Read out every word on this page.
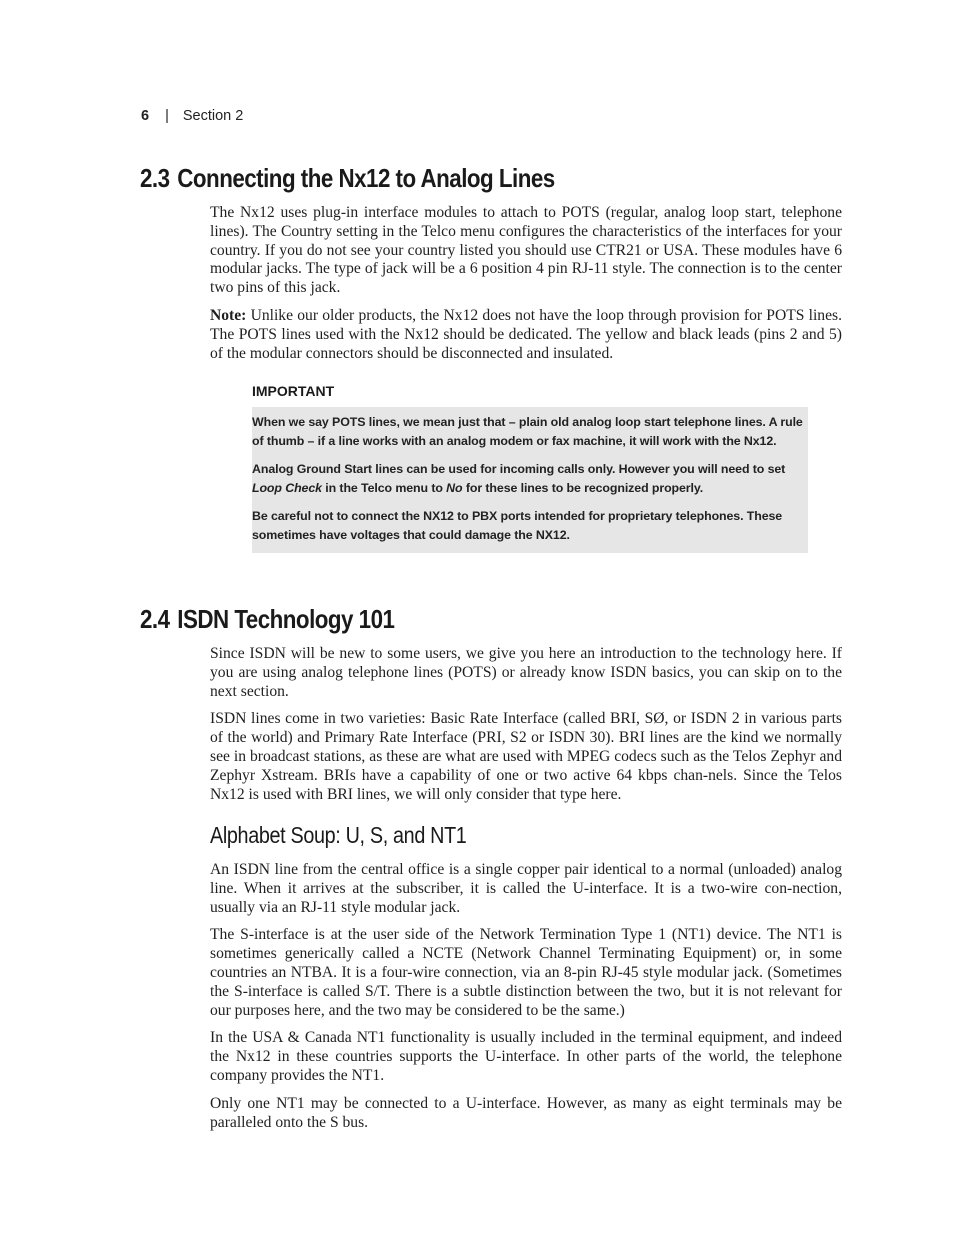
6 | Section 2
2.3 Connecting the Nx12 to Analog Lines

The Nx12 uses plug-in interface modules to attach to POTS (regular, analog loop start, telephone lines). The Country setting in the Telco menu configures the characteristics of the interfaces for your country. If you do not see your country listed you should use CTR21 or USA. These modules have 6 modular jacks. The type of jack will be a 6 position 4 pin RJ-11 style. The connection is to the center two pins of this jack.

Note: Unlike our older products, the Nx12 does not have the loop through provision for POTS lines. The POTS lines used with the Nx12 should be dedicated. The yellow and black leads (pins 2 and 5) of the modular connectors should be disconnected and insulated.

IMPORTANT

When we say POTS lines, we mean just that – plain old analog loop start telephone lines. A rule of thumb – if a line works with an analog modem or fax machine, it will work with the Nx12.

Analog Ground Start lines can be used for incoming calls only. However you will need to set Loop Check in the Telco menu to No for these lines to be recognized properly.

Be careful not to connect the NX12 to PBX ports intended for proprietary telephones. These sometimes have voltages that could damage the NX12.

2.4 ISDN Technology 101

Since ISDN will be new to some users, we give you here an introduction to the technology here. If you are using analog telephone lines (POTS) or already know ISDN basics, you can skip on to the next section.

ISDN lines come in two varieties: Basic Rate Interface (called BRI, SØ, or ISDN 2 in various parts of the world) and Primary Rate Interface (PRI, S2 or ISDN 30). BRI lines are the kind we normally see in broadcast stations, as these are what are used with MPEG codecs such as the Telos Zephyr and Zephyr Xstream. BRIs have a capability of one or two active 64 kbps chan-nels. Since the Telos Nx12 is used with BRI lines, we will only consider that type here.

Alphabet Soup: U, S, and NT1

An ISDN line from the central office is a single copper pair identical to a normal (unloaded) analog line. When it arrives at the subscriber, it is called the U-interface. It is a two-wire con-nection, usually via an RJ-11 style modular jack.

The S-interface is at the user side of the Network Termination Type 1 (NT1) device. The NT1 is sometimes generically called a NCTE (Network Channel Terminating Equipment) or, in some countries an NTBA. It is a four-wire connection, via an 8-pin RJ-45 style modular jack. (Sometimes the S-interface is called S/T. There is a subtle distinction between the two, but it is not relevant for our purposes here, and the two may be considered to be the same.)

In the USA & Canada NT1 functionality is usually included in the terminal equipment, and indeed the Nx12 in these countries supports the U-interface. In other parts of the world, the telephone company provides the NT1.

Only one NT1 may be connected to a U-interface. However, as many as eight terminals may be paralleled onto the S bus.
